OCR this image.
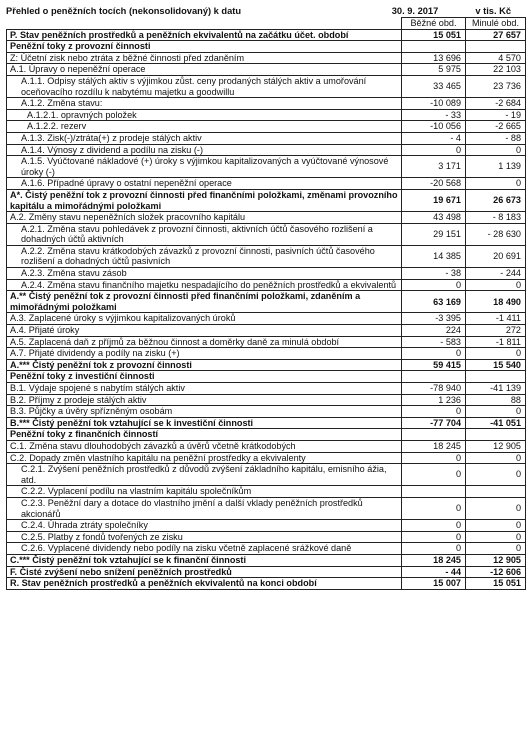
Přehled o peněžních tocích (nekonsolidovaný) k datu	30. 9. 2017	v tis. Kč
	Běžné obd.	Minulé obd.
P. Stav peněžních prostředků a peněžních ekvivalentů na začátku účet. období	15 051	27 657
Peněžní toky z provozní činnosti		
Z: Účetní zisk nebo ztráta z běžné činnosti před zdaněním	13 696	4 570
A.1. Úpravy o nepeněžní operace	5 975	22 103
A.1.1. Odpisy stálých aktiv s výjimkou zůst. ceny prodaných stálých aktiv a umořování oceňovacího rozdílu k nabytému majetku a goodwillu	33 465	23 736
A.1.2. Změna stavu:	-10 089	-2 684
A.1.2.1. opravných položek	- 33	- 19
A.1.2.2. rezerv	-10 056	-2 665
A.1.3. Zisk(-)/ztráta(+) z prodeje stálých aktiv	- 4	- 88
A.1.4. Výnosy z dividend a podílu na zisku (-)	0	0
A.1.5. Vyúčtované nákladové (+) úroky s výjimkou kapitalizovaných a vyúčtované výnosové úroky (-)	3 171	1 139
A.1.6. Případné úpravy o ostatní nepeněžní operace	-20 568	0
A*. Čistý peněžní tok z provozní činnosti před finančními položkami, změnami provozního kapitálu a mimořádnými položkami	19 671	26 673
A.2. Změny stavu nepeněžních složek pracovního kapitálu	43 498	- 8 183
A.2.1. Změna stavu pohledávek z provozní činnosti, aktivních účtů časového rozlišení a dohadných účtů aktivních	29 151	- 28 630
A.2.2. Změna stavu krátkodobých závazků z provozní činnosti, pasivních účtů časového rozlišení a dohadných účtů pasivních	14 385	20 691
A.2.3. Změna stavu zásob	- 38	- 244
A.2.4. Změna stavu finančního majetku nespadajícího do peněžních prostředků a ekvivalentů	0	0
A.** Čistý peněžní tok z provozní činnosti před finančními položkami, zdaněním a mimořádnými položkami	63 169	18 490
A.3. Zaplacené úroky s výjimkou kapitalizovaných úroků	-3 395	-1 411
A.4. Přijaté úroky	224	272
A.5. Zaplacená daň z příjmů za běžnou činnost a doměrky daně za minulá období	- 583	-1 811
A.7. Přijaté dividendy a podíly na zisku (+)	0	0
A.*** Čistý peněžní tok z provozní činnosti	59 415	15 540
Peněžní toky z investiční činnosti		
B.1. Výdaje spojené s nabytím stálých aktiv	-78 940	-41 139
B.2. Příjmy z prodeje stálých aktiv	1 236	88
B.3. Půjčky a úvěry spřízněným osobám	0	0
B.*** Čistý peněžní tok vztahující se k investiční činnosti	-77 704	-41 051
Peněžní toky z finančních činností		
C.1. Změna stavu dlouhodobých závazků a úvěrů včetně krátkodobých	18 245	12 905
C.2. Dopady změn vlastního kapitálu na peněžní prostředky a ekvivalenty	0	0
C.2.1. Zvýšení peněžních prostředků z důvodů zvýšení základního kapitálu, emisního ážia, atd.	0	0
C.2.2. Vyplacení podílu na vlastním kapitálu společníkům		
C.2.3. Peněžní dary a dotace do vlastního jmění a další vklady peněžních prostředků akcionářů	0	0
C.2.4. Úhrada ztráty společníky	0	0
C.2.5. Platby z fondů tvořených ze zisku	0	0
C.2.6. Vyplacené dividendy nebo podíly na zisku včetně zaplacené srážkové daně	0	0
C.*** Čistý peněžní tok vztahující se k finanční činnosti	18 245	12 905
F. Čisté zvýšení nebo snížení peněžních prostředků	- 44	-12 606
R. Stav peněžních prostředků a peněžních ekvivalentů na konci období	15 007	15 051
